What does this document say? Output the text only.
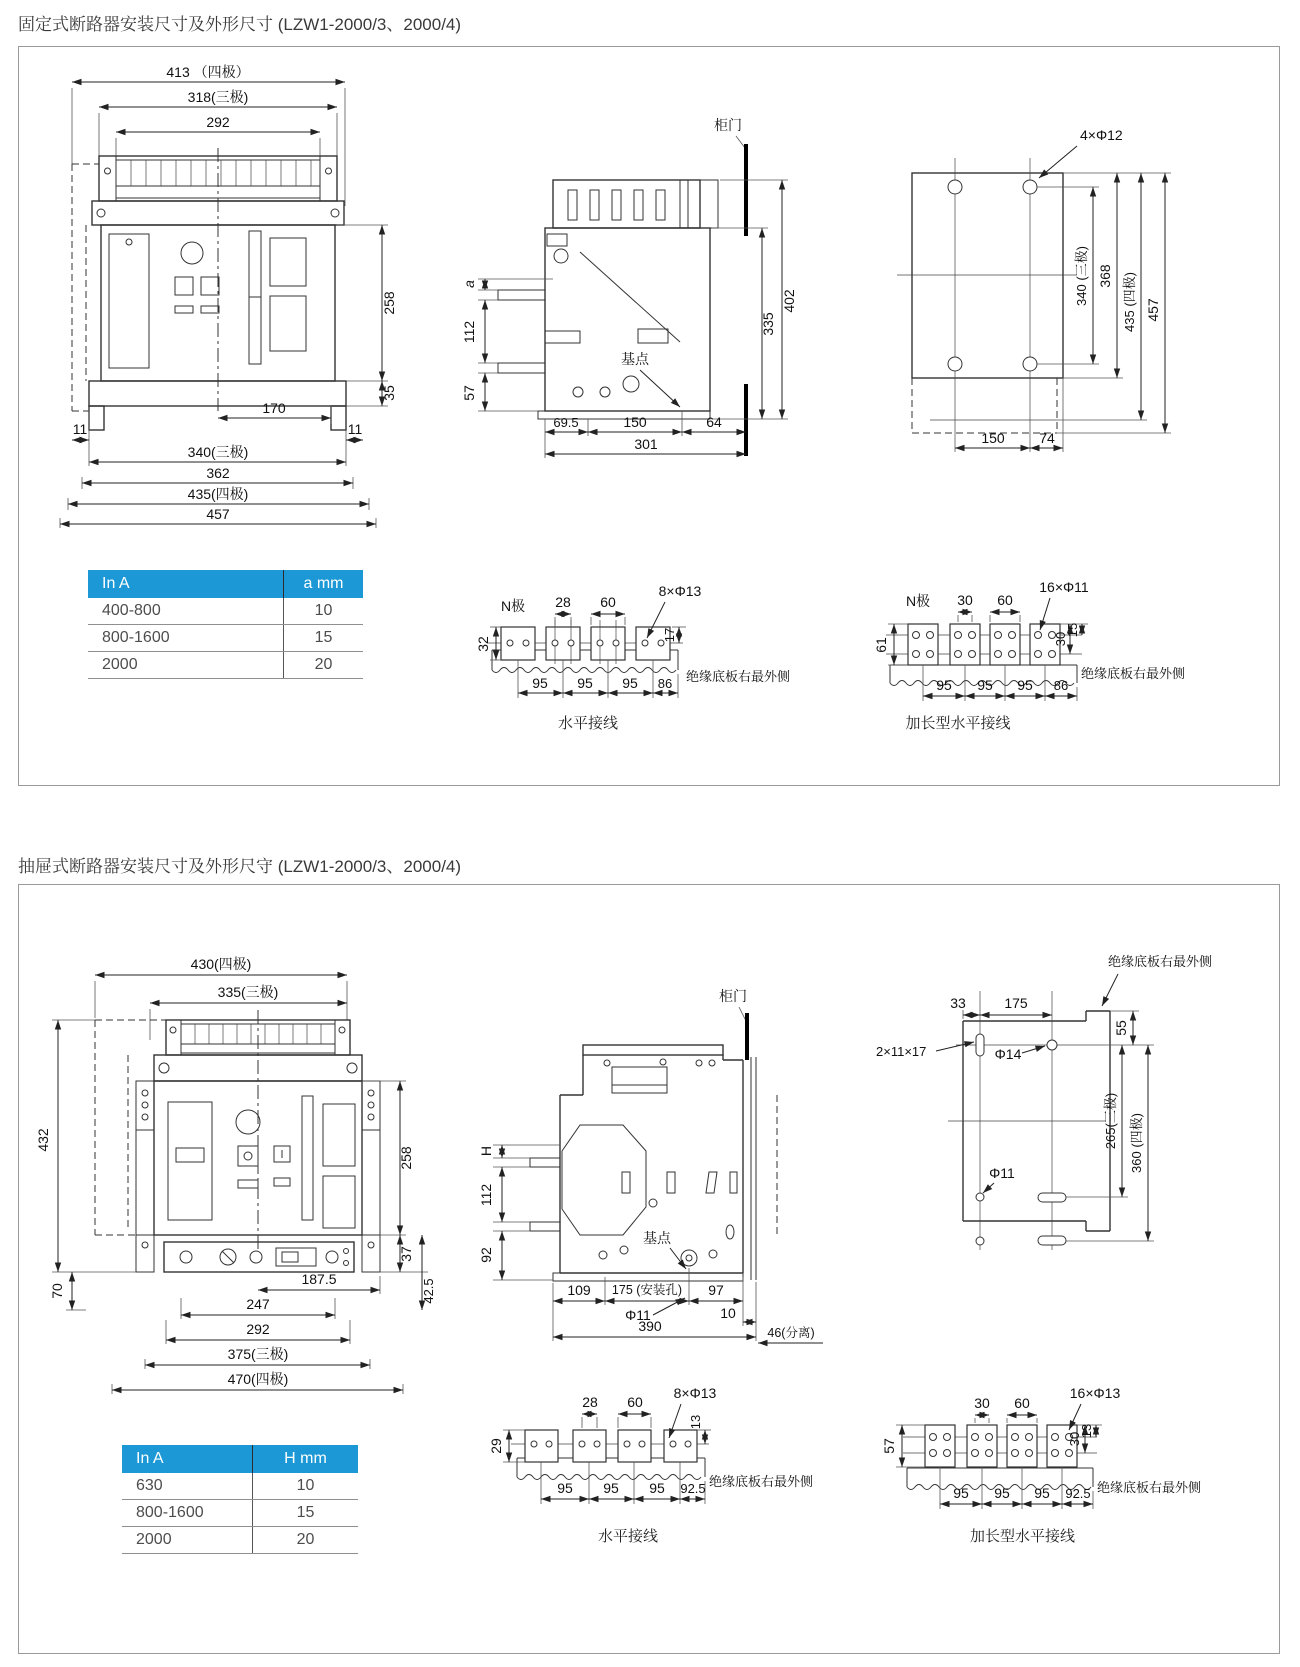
固定式断路器安装尺寸及外形尺寸 (LZW1-2000/3、2000/4)
413 （四极）
318(三极)
292
258
35
170
11	11
340(三极)
362
435(四极)
457
柜门
基点
a
112
57
335
402
69.5	150	64
301
4×Φ12
340 (三极) 368 435 (四极) 457
150 74
In A	a mm
400-800	10
800-1600	15
2000	20
N极 28 60
8×Φ13
17
32
95 95 95 86 绝缘底板右最外侧
水平接线
N极 30 60
16×Φ11
30
15
61
95 95 95 86
绝缘底板右最外侧
加长型水平接线
抽屉式断路器安装尺寸及外形尺守 (LZW1-2000/3、2000/4)
430(四极)
335(三极)
432
70
258
37
42.5
187.5
247
292
375(三极)
470(四极)
柜门
基点
H
112
92
109 175 (安装孔) 97
Φ11	10
390	46(分离)
绝缘底板右最外侧
2×11×17	Φ14
Φ11
33	175
55
265(三极) 360 (四极)
In A	H mm
630	10
800-1600	15
2000	20
28 60
8×Φ13
13
29
95 95 95 92.5 绝缘底板右最外侧
水平接线
30 60
16×Φ13
30
13
57
95 95 95 92.5 绝缘底板右最外侧
加长型水平接线
